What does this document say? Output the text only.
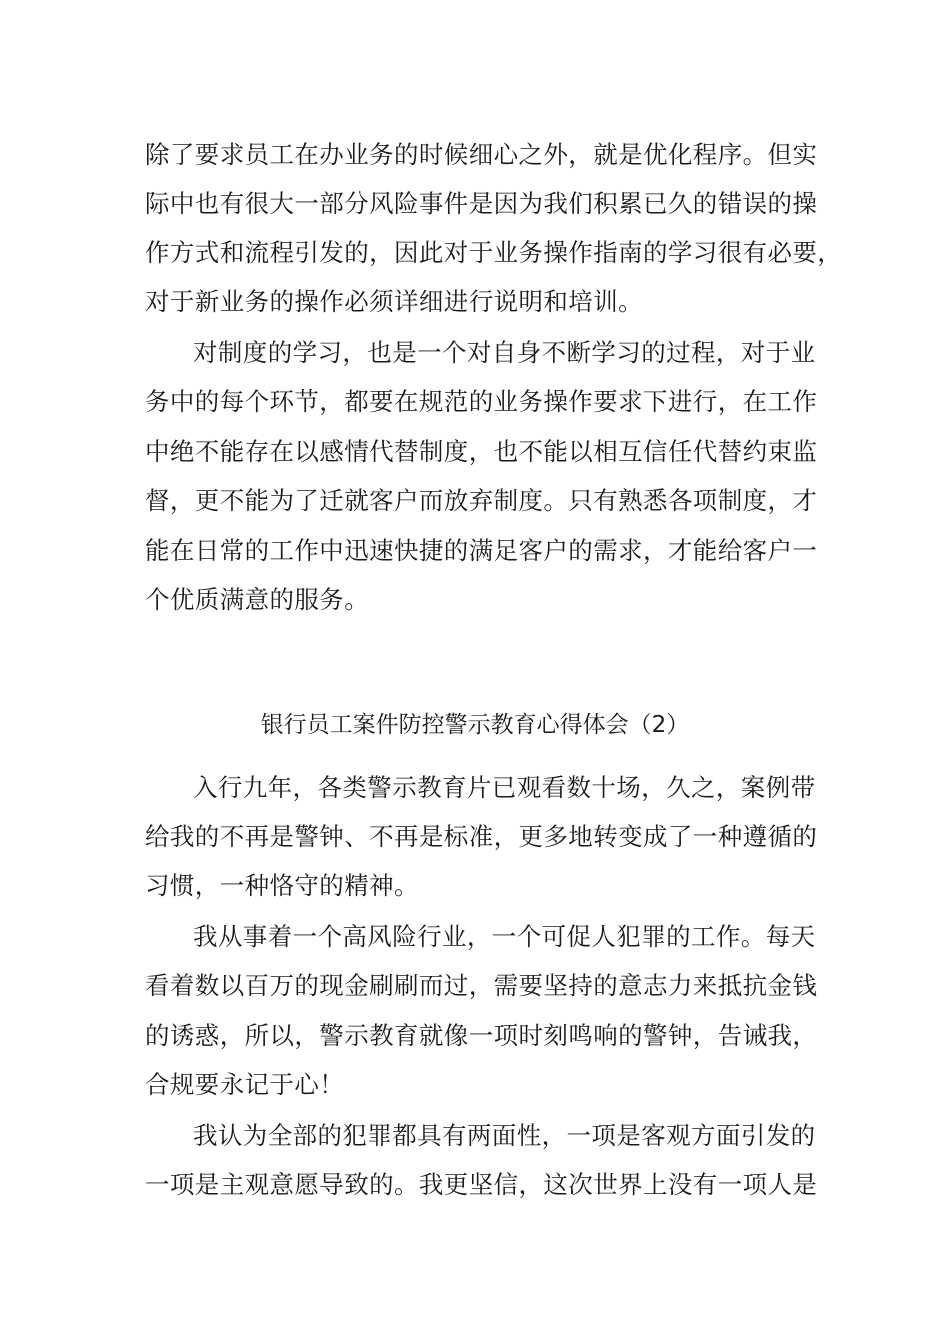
除了要求员工在办业务的时候细心之外，就是优化程序。但实
际中也有很大一部分风险事件是因为我们积累已久的错误的操
作方式和流程引发的，因此对于业务操作指南的学习很有必要，
对于新业务的操作必须详细进行说明和培训。
对制度的学习，也是一个对自身不断学习的过程，对于业
务中的每个环节，都要在规范的业务操作要求下进行，在工作
中绝不能存在以感情代替制度，也不能以相互信任代替约束监
督，更不能为了迁就客户而放弃制度。只有熟悉各项制度，才
能在日常的工作中迅速快捷的满足客户的需求，才能给客户一
个优质满意的服务。
银行员工案件防控警示教育心得体会（2）
入行九年，各类警示教育片已观看数十场，久之，案例带
给我的不再是警钟、不再是标准，更多地转变成了一种遵循的
习惯，一种恪守的精神。
我从事着一个高风险行业，一个可促人犯罪的工作。每天
看着数以百万的现金刷刷而过，需要坚持的意志力来抵抗金钱
的诱惑，所以，警示教育就像一项时刻鸣响的警钟，告诫我，
合规要永记于心！
我认为全部的犯罪都具有两面性，一项是客观方面引发的
一项是主观意愿导致的。我更坚信，这次世界上没有一项人是
